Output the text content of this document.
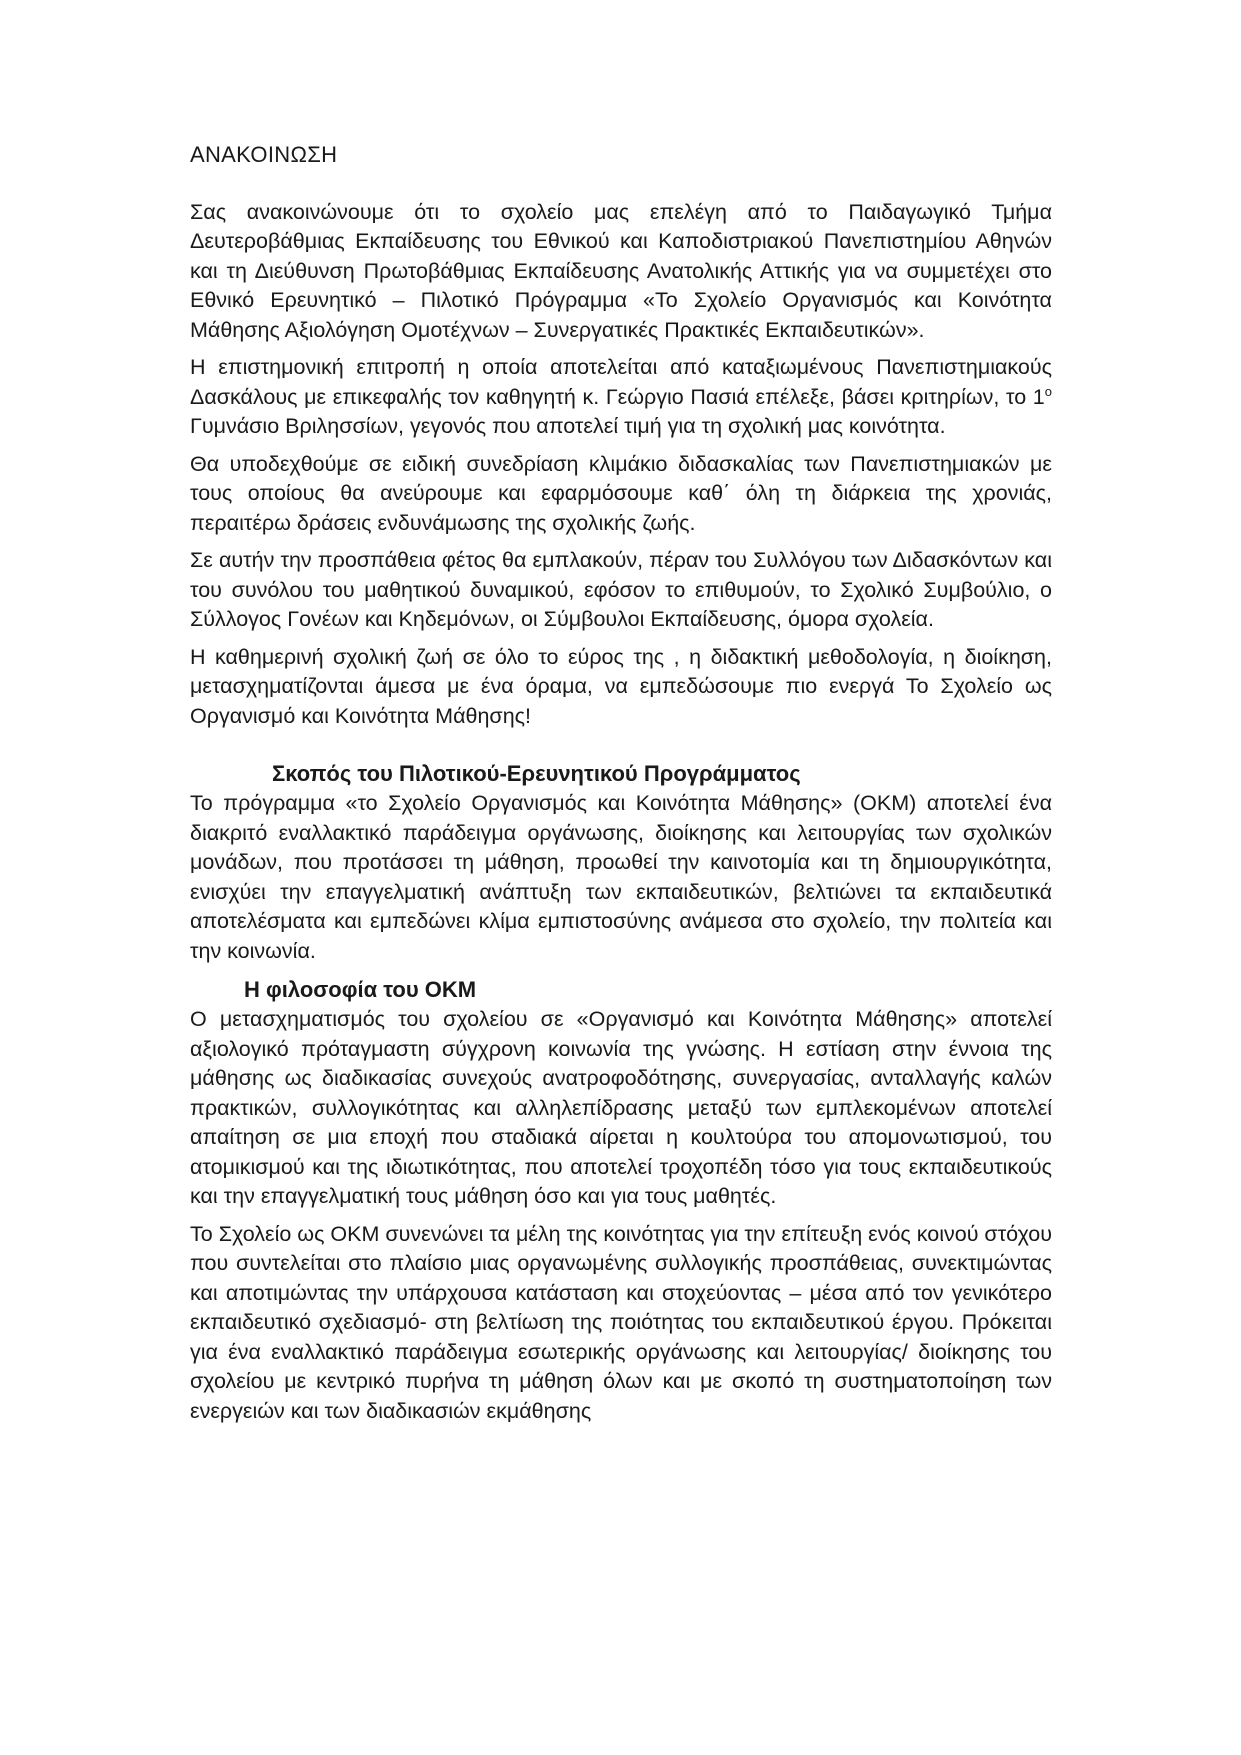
ΑΝΑΚΟΙΝΩΣΗ

Σας ανακοινώνουμε ότι το σχολείο μας επελέγη από το Παιδαγωγικό Τμήμα Δευτεροβάθμιας Εκπαίδευσης του Εθνικού και Καποδιστριακού Πανεπιστημίου Αθηνών και τη Διεύθυνση Πρωτοβάθμιας Εκπαίδευσης Ανατολικής Αττικής για να συμμετέχει στο Εθνικό Ερευνητικό – Πιλοτικό Πρόγραμμα «Το Σχολείο Οργανισμός και Κοινότητα Μάθησης Αξιολόγηση Ομοτέχνων – Συνεργατικές Πρακτικές Εκπαιδευτικών».

Η επιστημονική επιτροπή η οποία αποτελείται από καταξιωμένους Πανεπιστημιακούς Δασκάλους με επικεφαλής τον καθηγητή κ. Γεώργιο Πασιά επέλεξε, βάσει κριτηρίων, το $1^o$ Γυμνάσιο Βριλησσίων, γεγονός που αποτελεί τιμή για τη σχολική μας κοινότητα.

Θα υποδεχθούμε σε ειδική συνεδρίαση κλιμάκιο διδασκαλίας των Πανεπιστημιακών με τους οποίους θα ανεύρουμε και εφαρμόσουμε καθ΄ όλη τη διάρκεια της χρονιάς, περαιτέρω δράσεις ενδυνάμωσης της σχολικής ζωής.

Σε αυτήν την προσπάθεια φέτος θα εμπλακούν, πέραν του Συλλόγου των Διδασκόντων και του συνόλου του μαθητικού δυναμικού, εφόσον το επιθυμούν, το Σχολικό Συμβούλιο, ο Σύλλογος Γονέων και Κηδεμόνων, οι Σύμβουλοι Εκπαίδευσης, όμορα σχολεία.

Η καθημερινή σχολική ζωή σε όλο το εύρος της , η διδακτική μεθοδολογία, η διοίκηση, μετασχηματίζονται άμεσα με ένα όραμα, να εμπεδώσουμε πιο ενεργά Το Σχολείο ως Οργανισμό και Κοινότητα Μάθησης!

Σκοπός του Πιλοτικού-Ερευνητικού Προγράμματος

Το πρόγραμμα «το Σχολείο Οργανισμός και Κοινότητα Μάθησης» (ΟΚΜ) αποτελεί ένα διακριτό εναλλακτικό παράδειγμα οργάνωσης, διοίκησης και λειτουργίας των σχολικών μονάδων, που προτάσσει τη μάθηση, προωθεί την καινοτομία και τη δημιουργικότητα, ενισχύει την επαγγελματική ανάπτυξη των εκπαιδευτικών, βελτιώνει τα εκπαιδευτικά αποτελέσματα και εμπεδώνει κλίμα εμπιστοσύνης ανάμεσα στο σχολείο, την πολιτεία και την κοινωνία.

Η φιλοσοφία του ΟΚΜ

Ο μετασχηματισμός του σχολείου σε «Οργανισμό και Κοινότητα Μάθησης» αποτελεί αξιολογικό πρόταγμαστη σύγχρονη κοινωνία της γνώσης. Η εστίαση στην έννοια της μάθησης ως διαδικασίας συνεχούς ανατροφοδότησης, συνεργασίας, ανταλλαγής καλών πρακτικών, συλλογικότητας και αλληλεπίδρασης μεταξύ των εμπλεκομένων αποτελεί απαίτηση σε μια εποχή που σταδιακά αίρεται η κουλτούρα του απομονωτισμού, του ατομικισμού και της ιδιωτικότητας, που αποτελεί τροχοπέδη τόσο για τους εκπαιδευτικούς και την επαγγελματική τους μάθηση όσο και για τους μαθητές.

Το Σχολείο ως ΟΚΜ συνενώνει τα μέλη της κοινότητας για την επίτευξη ενός κοινού στόχου που συντελείται στο πλαίσιο μιας οργανωμένης συλλογικής προσπάθειας, συνεκτιμώντας και αποτιμώντας την υπάρχουσα κατάσταση και στοχεύοντας – μέσα από τον γενικότερο εκπαιδευτικό σχεδιασμό- στη βελτίωση της ποιότητας του εκπαιδευτικού έργου. Πρόκειται για ένα εναλλακτικό παράδειγμα εσωτερικής οργάνωσης και λειτουργίας/ διοίκησης του σχολείου με κεντρικό πυρήνα τη μάθηση όλων και με σκοπό τη συστηματοποίηση των ενεργειών και των διαδικασιών εκμάθησης
